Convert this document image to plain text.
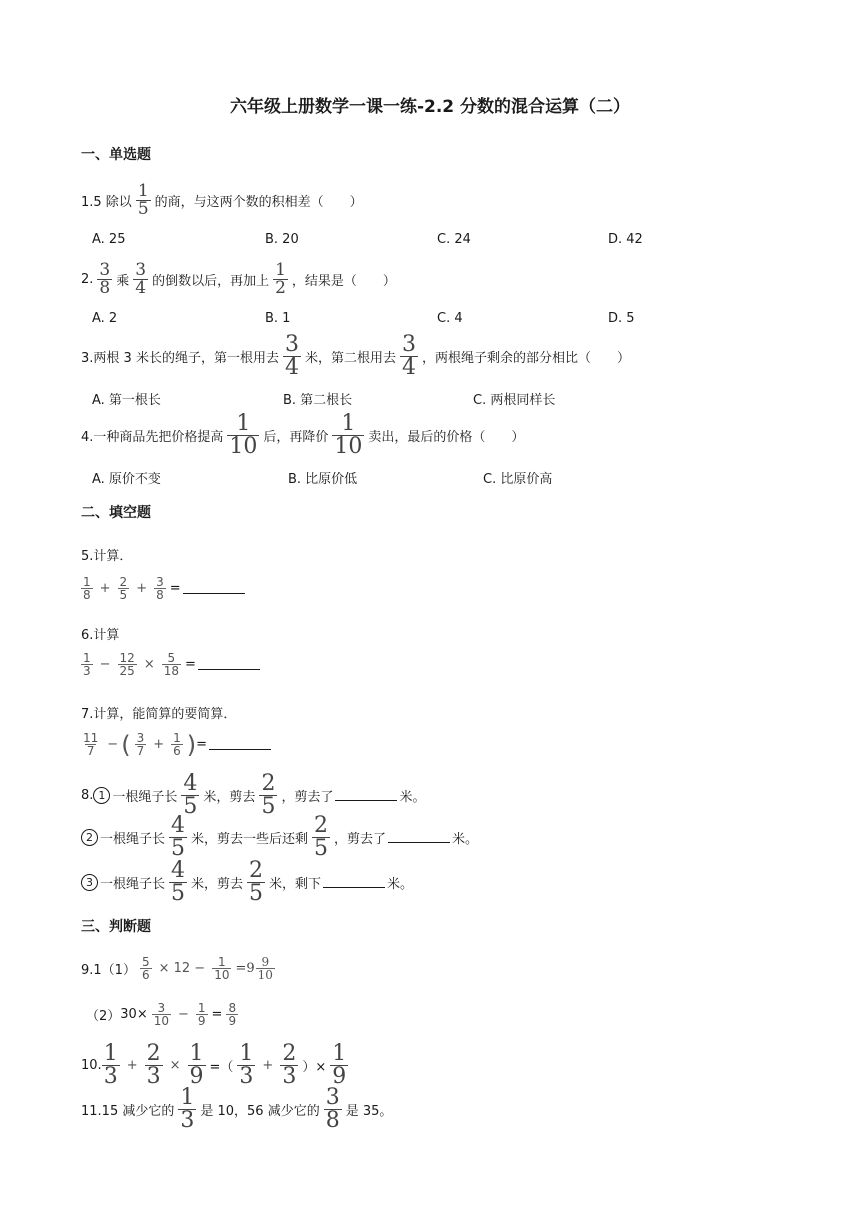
六年级上册数学一课一练-2.2 分数的混合运算（二）
一、单选题
1.5 除以 $\frac{1}{5}$ 的商，与这两个数的积相差（　　）
A. 25	B. 20	C. 24	D. 42
2. $\frac{3}{8}$ 乘 $\frac{3}{4}$ 的倒数以后，再加上 $\frac{1}{2}$ ，结果是（　　）
A. 2	B. 1	C. 4	D. 5
3.两根 3 米长的绳子，第一根用去 $\frac{3}{4}$ 米，第二根用去 $\frac{3}{4}$ ，两根绳子剩余的部分相比（　　）
A. 第一根长	B. 第二根长	C. 两根同样长
4.一种商品先把价格提高 $\frac{1}{10}$ 后，再降价 $\frac{1}{10}$ 卖出，最后的价格（　　）
A. 原价不变	B. 比原价低	C. 比原价高
二、填空题
5.计算．
$\frac{1}{8} + \frac{2}{5} + \frac{3}{8}$ =
6.计算
$\frac{1}{3} - \frac{12}{25} \times \frac{5}{18}$ =
7.计算，能简算的要简算．
$\frac{11}{7}$ − ( $\frac{3}{7} + \frac{1}{6}$ ) =
8. 1 一根绳子长 $\frac{4}{5}$ 米，剪去 $\frac{2}{5}$ ，剪去了	米。
2 一根绳子长 $\frac{4}{5}$ 米，剪去一些后还剩 $\frac{2}{5}$ ，剪去了	米。
3 一根绳子长 $\frac{4}{5}$ 米，剪去 $\frac{2}{5}$ 米，剩下	米。
三、判断题
$9.1(1) \frac{5}{6} \times 12 - \frac{1}{10} =9 \frac{9}{10}$
（2） $30\times \frac{3}{10} - \frac{1}{9} = \frac{8}{9}$
10. $\frac{1}{3} + \frac{2}{3} \times \frac{1}{9}$ =（ $\frac{1}{3} + \frac{2}{3}$ ）× $\frac{1}{9}$
11.15 减少它的 $\frac{1}{3}$ 是 10，56 减少它的 $\frac{3}{8}$ 是 35。
